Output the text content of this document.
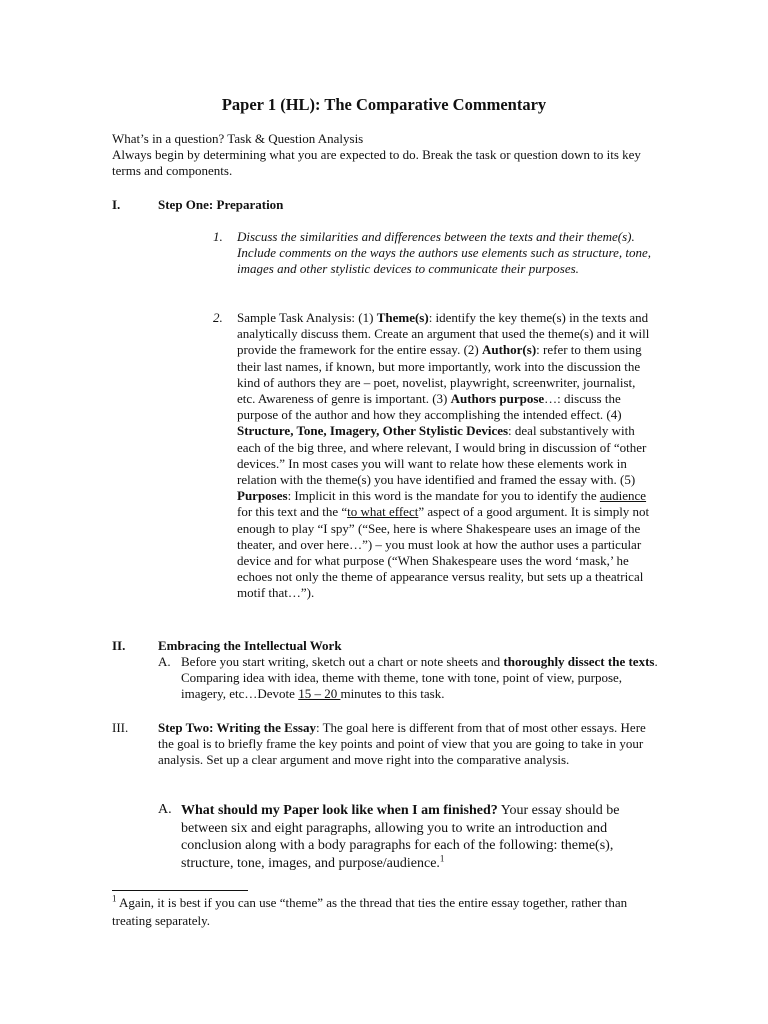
Paper 1 (HL): The Comparative Commentary
What’s in a question? Task & Question Analysis
Always begin by determining what you are expected to do. Break the task or question down to its key terms and components.
I.	Step One: Preparation
1. Discuss the similarities and differences between the texts and their theme(s). Include comments on the ways the authors use elements such as structure, tone, images and other stylistic devices to communicate their purposes.
2. Sample Task Analysis: (1) Theme(s): identify the key theme(s) in the texts and analytically discuss them. Create an argument that used the theme(s) and it will provide the framework for the entire essay. (2) Author(s): refer to them using their last names, if known, but more importantly, work into the discussion the kind of authors they are – poet, novelist, playwright, screenwriter, journalist, etc. Awareness of genre is important. (3) Authors purpose…: discuss the purpose of the author and how they accomplishing the intended effect. (4) Structure, Tone, Imagery, Other Stylistic Devices: deal substantively with each of the big three, and where relevant, I would bring in discussion of “other devices.” In most cases you will want to relate how these elements work in relation with the theme(s) you have identified and framed the essay with. (5) Purposes: Implicit in this word is the mandate for you to identify the audience for this text and the “to what effect” aspect of a good argument. It is simply not enough to play “I spy” (“See, here is where Shakespeare uses an image of the theater, and over here…”) – you must look at how the author uses a particular device and for what purpose (“When Shakespeare uses the word ‘mask,’ he echoes not only the theme of appearance versus reality, but sets up a theatrical motif that…”).
II.	Embracing the Intellectual Work
A. Before you start writing, sketch out a chart or note sheets and thoroughly dissect the texts. Comparing idea with idea, theme with theme, tone with tone, point of view, purpose, imagery, etc…Devote 15 – 20 minutes to this task.
III. Step Two: Writing the Essay: The goal here is different from that of most other essays. Here the goal is to briefly frame the key points and point of view that you are going to take in your analysis. Set up a clear argument and move right into the comparative analysis.
A. What should my Paper look like when I am finished? Your essay should be between six and eight paragraphs, allowing you to write an introduction and conclusion along with a body paragraphs for each of the following: theme(s), structure, tone, images, and purpose/audience.$^1$
$^1$ Again, it is best if you can use “theme” as the thread that ties the entire essay together, rather than treating separately.
